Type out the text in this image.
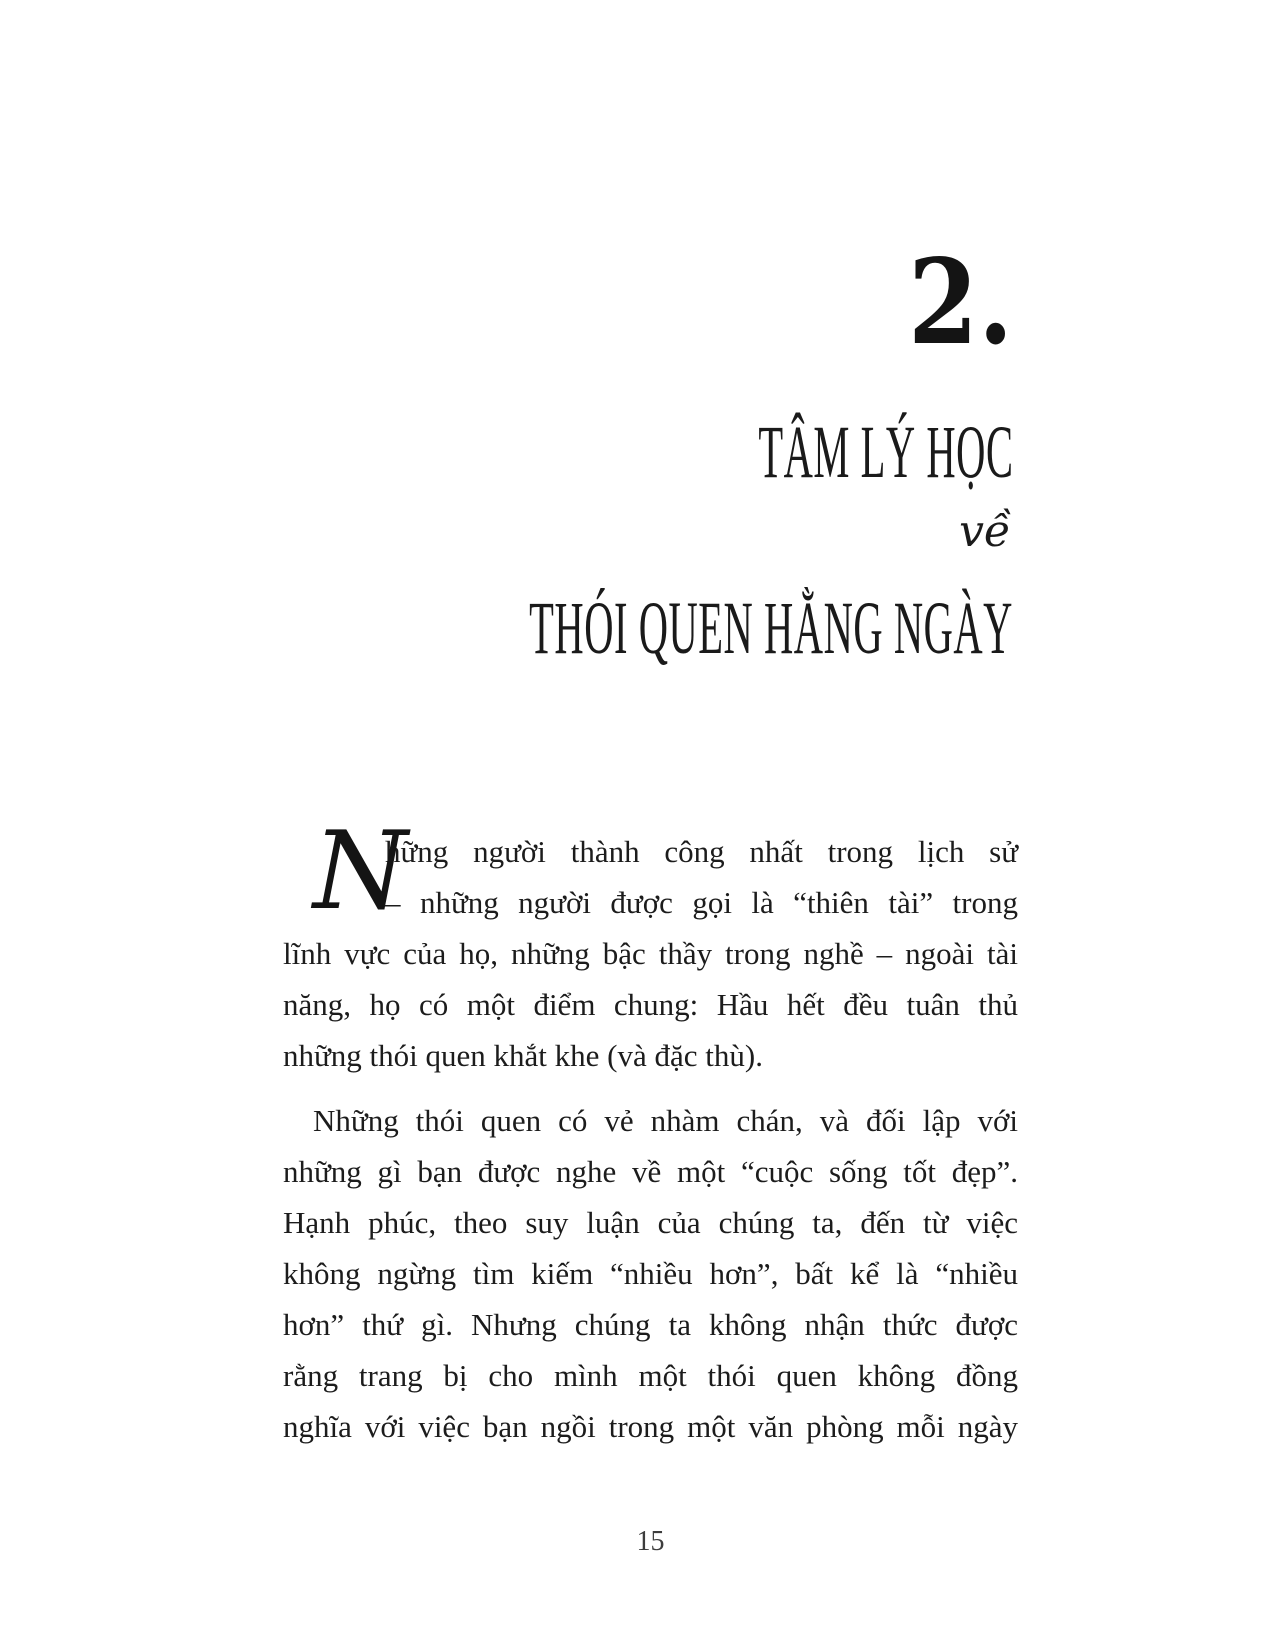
2.
TÂM LÝ HỌC
về
THÓI QUEN HẰNG NGÀY
N
hững người thành công nhất trong lịch sử
– những người được gọi là “thiên tài” trong
lĩnh vực của họ, những bậc thầy trong nghề – ngoài tài
năng, họ có một điểm chung: Hầu hết đều tuân thủ
những thói quen khắt khe (và đặc thù).
Những thói quen có vẻ nhàm chán, và đối lập với
những gì bạn được nghe về một “cuộc sống tốt đẹp”.
Hạnh phúc, theo suy luận của chúng ta, đến từ việc
không ngừng tìm kiếm “nhiều hơn”, bất kể là “nhiều
hơn” thứ gì. Nhưng chúng ta không nhận thức được
rằng trang bị cho mình một thói quen không đồng
nghĩa với việc bạn ngồi trong một văn phòng mỗi ngày
15
